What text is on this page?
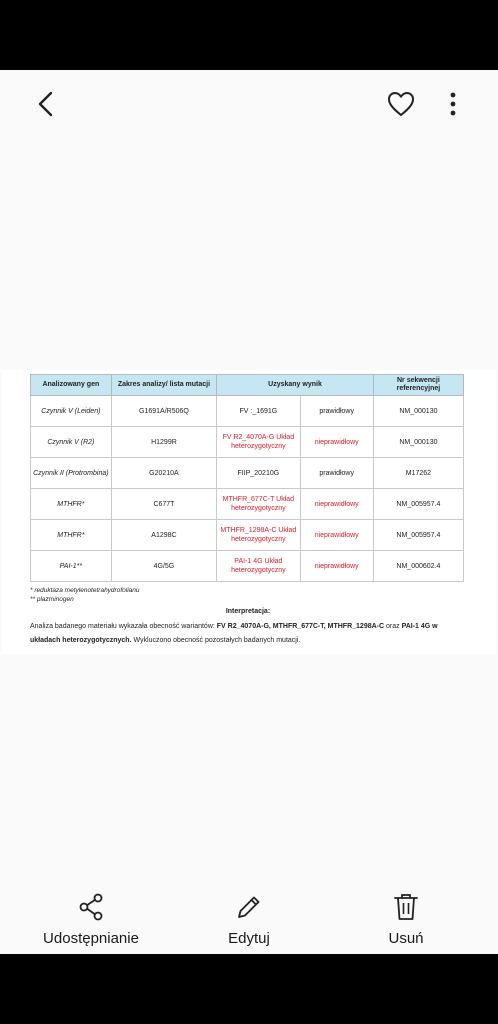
Analizowany gen	Zakres analizy/ lista mutacji	Uzyskany wynik		Nr sekwencji referencyjnej
Czynnik V (Leiden)	G1691A/R506Q	FV :_1691G	prawidłowy	NM_000130
Czynnik V (R2)	H1299R	FV R2_4070A-G Układ heterozygotyczny	nieprawidłowy	NM_000130
Czynnik II (Protrombina)	G20210A	FIIP_20210G	prawidłowy	M17262
MTHFR*	C677T	MTHFR_677C-T Układ heterozygotyczny	nieprawidłowy	NM_005957.4
MTHFR*	A1298C	MTHFR_1298A-C Układ heterozygotyczny	nieprawidłowy	NM_005957.4
PAI-1**	4G/5G	PAI-1 4G Układ heterozygotyczny	nieprawidłowy	NM_000602.4
* reduktaza metylenotetrahydrofolianu
** plazminogen
Interpretacja:
Analiza badanego materiału wykazała obecność wariantów: FV R2_4070A-G, MTHFR_677C-T, MTHFR_1298A-C oraz PAI-1 4G w układach heterozygotycznych. Wykluczono obecność pozostałych badanych mutacji.
Udostępnianie	Edytuj	Usuń
